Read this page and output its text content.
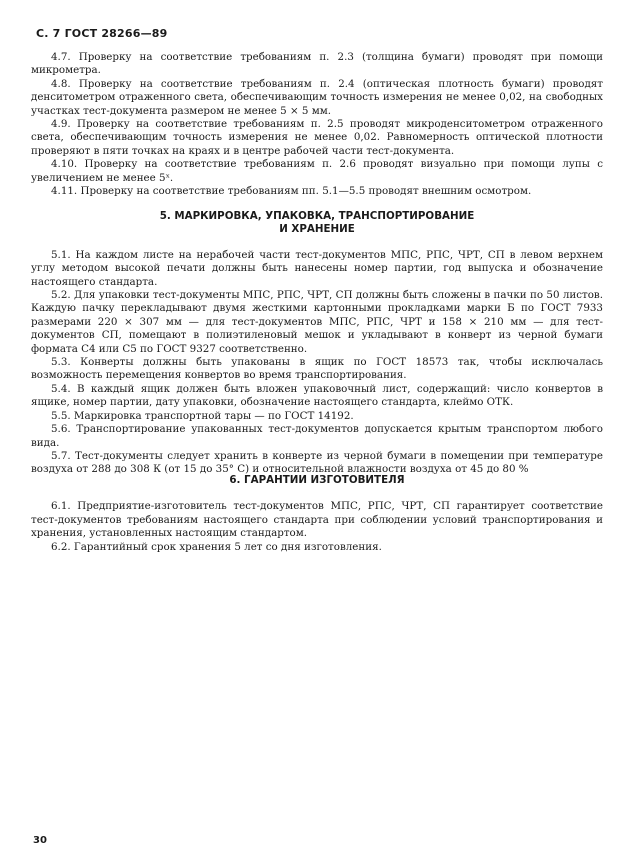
С. 7 ГОСТ 28266—89

4.7. Проверку на соответствие требованиям п. 2.3 (толщина бумаги) проводят при помощи микрометра.

4.8. Проверку на соответствие требованиям п. 2.4 (оптическая плотность бумаги) проводят денситометром отраженного света, обеспечивающим точность измерения не менее 0,02, на свободных участках тест-документа размером не менее 5 × 5 мм.

4.9. Проверку на соответствие требованиям п. 2.5 проводят микроденситометром отраженного света, обеспечивающим точность измерения не менее 0,02. Равномерность оптической плотности проверяют в пяти точках на краях и в центре рабочей части тест-документа.

4.10. Проверку на соответствие требованиям п. 2.6 проводят визуально при помощи лупы с увеличением не менее 5ˣ.

4.11. Проверку на соответствие требованиям пп. 5.1—5.5 проводят внешним осмотром.

5. МАРКИРОВКА, УПАКОВКА, ТРАНСПОРТИРОВАНИЕ
И ХРАНЕНИЕ

5.1. На каждом листе на нерабочей части тест-документов МПС, РПС, ЧРТ, СП в левом верхнем углу методом высокой печати должны быть нанесены номер партии, год выпуска и обозначение настоящего стандарта.

5.2. Для упаковки тест-документы МПС, РПС, ЧРТ, СП должны быть сложены в пачки по 50 листов. Каждую пачку перекладывают двумя жесткими картонными прокладками марки Б по ГОСТ 7933 размерами 220 × 307 мм — для тест-документов МПС, РПС, ЧРТ и 158 × 210 мм — для тест-документов СП, помещают в полиэтиленовый мешок и укладывают в конверт из черной бумаги формата С4 или С5 по ГОСТ 9327 соответственно.

5.3. Конверты должны быть упакованы в ящик по ГОСТ 18573 так, чтобы исключалась возможность перемещения конвертов во время транспортирования.

5.4. В каждый ящик должен быть вложен упаковочный лист, содержащий: число конвертов в ящике, номер партии, дату упаковки, обозначение настоящего стандарта, клеймо ОТК.

5.5. Маркировка транспортной тары — по ГОСТ 14192.

5.6. Транспортирование упакованных тест-документов допускается крытым транспортом любого вида.

5.7. Тест-документы следует хранить в конверте из черной бумаги в помещении при температуре воздуха от 288 до 308 К (от 15 до 35° С) и относительной влажности воздуха от 45 до 80 %

6. ГАРАНТИИ ИЗГОТОВИТЕЛЯ

6.1. Предприятие-изготовитель тест-документов МПС, РПС, ЧРТ, СП гарантирует соответствие тест-документов требованиям настоящего стандарта при соблюдении условий транспортирования и хранения, установленных настоящим стандартом.

6.2. Гарантийный срок хранения 5 лет со дня изготовления.

30
